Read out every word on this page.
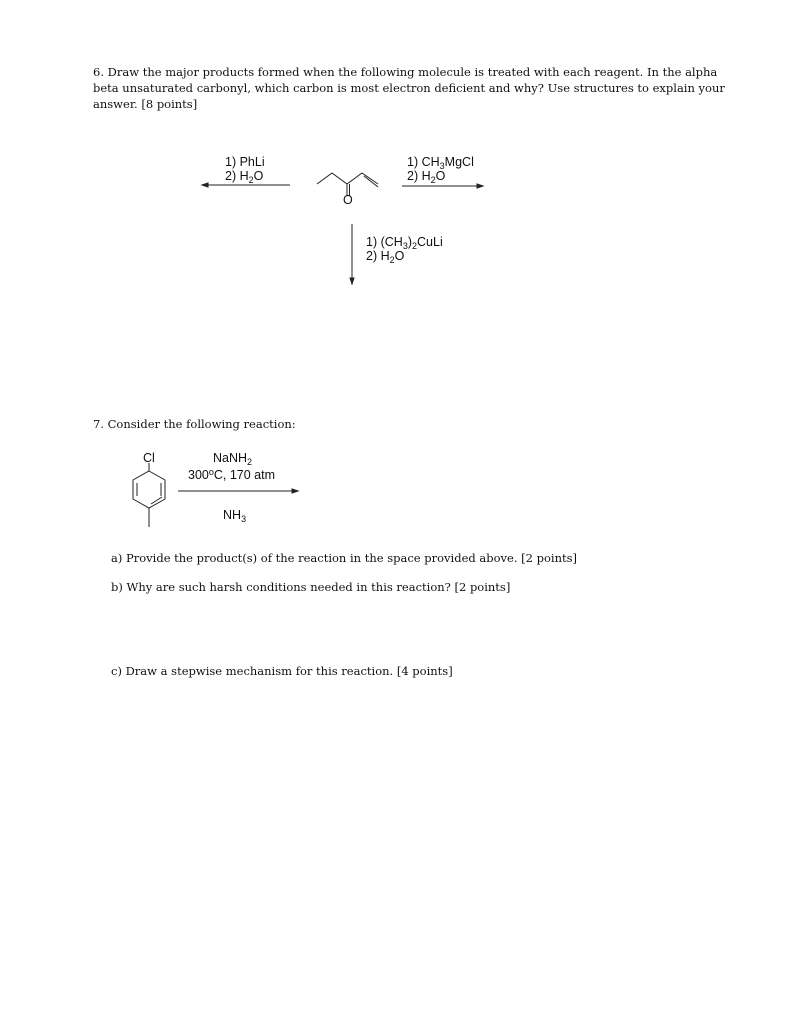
6. Draw the major products formed when the following molecule is treated with each reagent. In the alpha
beta unsaturated carbonyl, which carbon is most electron deficient and why? Use structures to explain your
answer. [8 points]
O
1) PhLi
2) $H_2O$
1) $CH_3MgCl$
2) $H_2O$
1) $(CH_3)_2CuLi$
2) $H_2O$
7. Consider the following reaction:
Cl	NaNH$_2$
300$^o$C, 170 atm
$NH_3$
a) Provide the product(s) of the reaction in the space provided above. [2 points]
b) Why are such harsh conditions needed in this reaction? [2 points]
c) Draw a stepwise mechanism for this reaction. [4 points]
